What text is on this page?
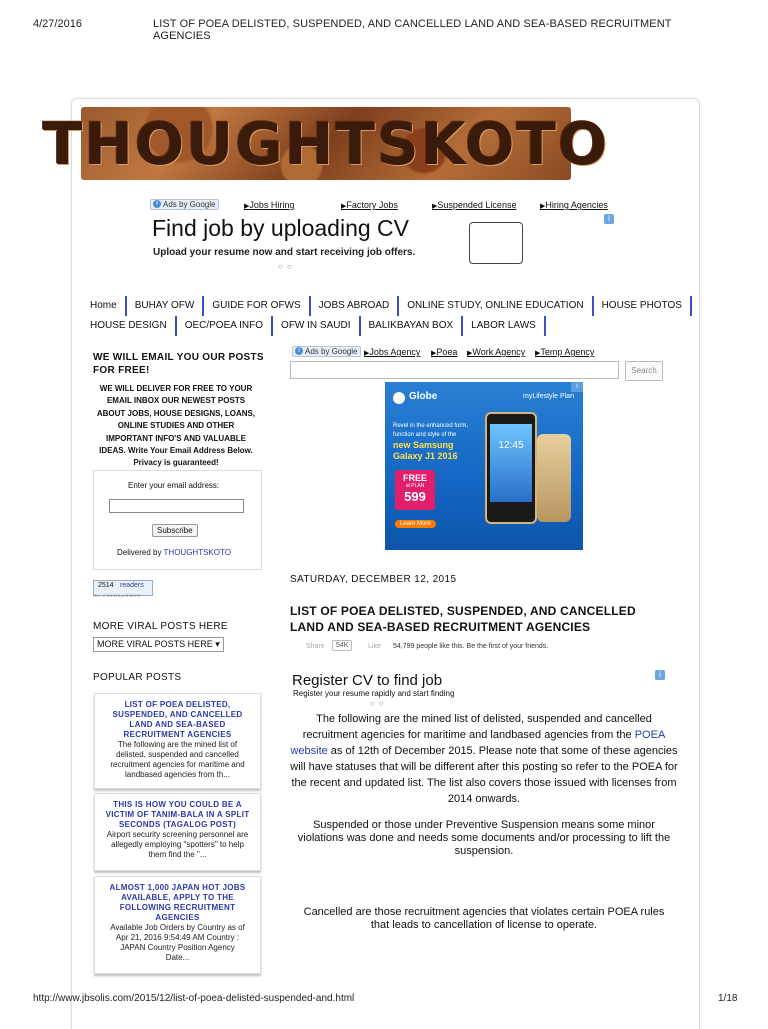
4/27/2016	LIST OF POEA DELISTED, SUSPENDED, AND CANCELLED LAND AND SEA-BASED RECRUITMENT AGENCIES
THOUGHTSKOTO
i Ads by Google	▶ Jobs Hiring	▶ Factory Jobs	▶ Suspended License	▶ Hiring Agencies
i
Find job by uploading CV
Upload your resume now and start receiving job offers.
○○
Home BUHAY OFW GUIDE FOR OFWS JOBS ABROAD ONLINE STUDY, ONLINE EDUCATION HOUSE PHOTOS
HOUSE DESIGN OEC/POEA INFO OFW IN SAUDI BALIKBAYAN BOX LABOR LAWS
WE WILL EMAIL YOU OUR POSTS
FOR FREE!
WE WILL DELIVER FOR FREE TO YOUR
EMAIL INBOX OUR NEWEST POSTS
ABOUT JOBS, HOUSE DESIGNS, LOANS,
ONLINE STUDIES AND OTHER
IMPORTANT INFO'S AND VALUABLE
IDEAS. Write Your Email Address Below.
Privacy is guaranteed!
Enter your email address:
Subscribe
Delivered by THOUGHTSKOTO
2514 readers
BY FEEDBURNER
MORE VIRAL POSTS HERE
MORE VIRAL POSTS HERE ▾
POPULAR POSTS
LIST OF POEA DELISTED,
SUSPENDED, AND CANCELLED
LAND AND SEA-BASED
RECRUITMENT AGENCIES
The following are the mined list of
delisted, suspended and cancelled
recruitment agencies for maritime and
landbased agencies from th...
THIS IS HOW YOU COULD BE A
VICTIM OF TANIM-BALA IN A SPLIT
SECONDS (TAGALOG POST)
Airport security screening personnel are
allegedly employing "spotters" to help
them find the "...
ALMOST 1,000 JAPAN HOT JOBS
AVAILABLE, APPLY TO THE
FOLLOWING RECRUITMENT
AGENCIES
Available Job Orders by Country as of
Apr 21, 2016 9:54:49 AM Country :
JAPAN Country Position Agency
Date...
i Ads by Google	▶ Jobs Agency	▶ Poea	▶ Work Agency	▶ Temp Agency
Search
Globe	myLifestyle Plan
i
Revel in the enhanced form,
function and style of the
new Samsung
Galaxy J1 2016
FREE
at PLAN
599
Learn More
12:45
SATURDAY, DECEMBER 12, 2015
LIST OF POEA DELISTED, SUSPENDED, AND CANCELLED
LAND AND SEA-BASED RECRUITMENT AGENCIES
Share	54K	Like 54,799 people like this. Be the first of your friends.
Register CV to find job
Register your resume rapidly and start finding
i
○○
The following are the mined list of delisted, suspended and cancelled recruitment agencies for maritime and landbased agencies from the POEA
website as of 12th of December 2015. Please note that some of these agencies will have statuses that will be different after this posting so refer to the POEA for the recent and updated list. The list also covers those issued with licenses from 2014 onwards.
Suspended or those under Preventive Suspension means some minor violations was done and needs some documents and/or processing to lift the suspension.
Cancelled are those recruitment agencies that violates certain POEA rules that leads to cancellation of license to operate.
http://www.jbsolis.com/2015/12/list-of-poea-delisted-suspended-and.html	1/18
